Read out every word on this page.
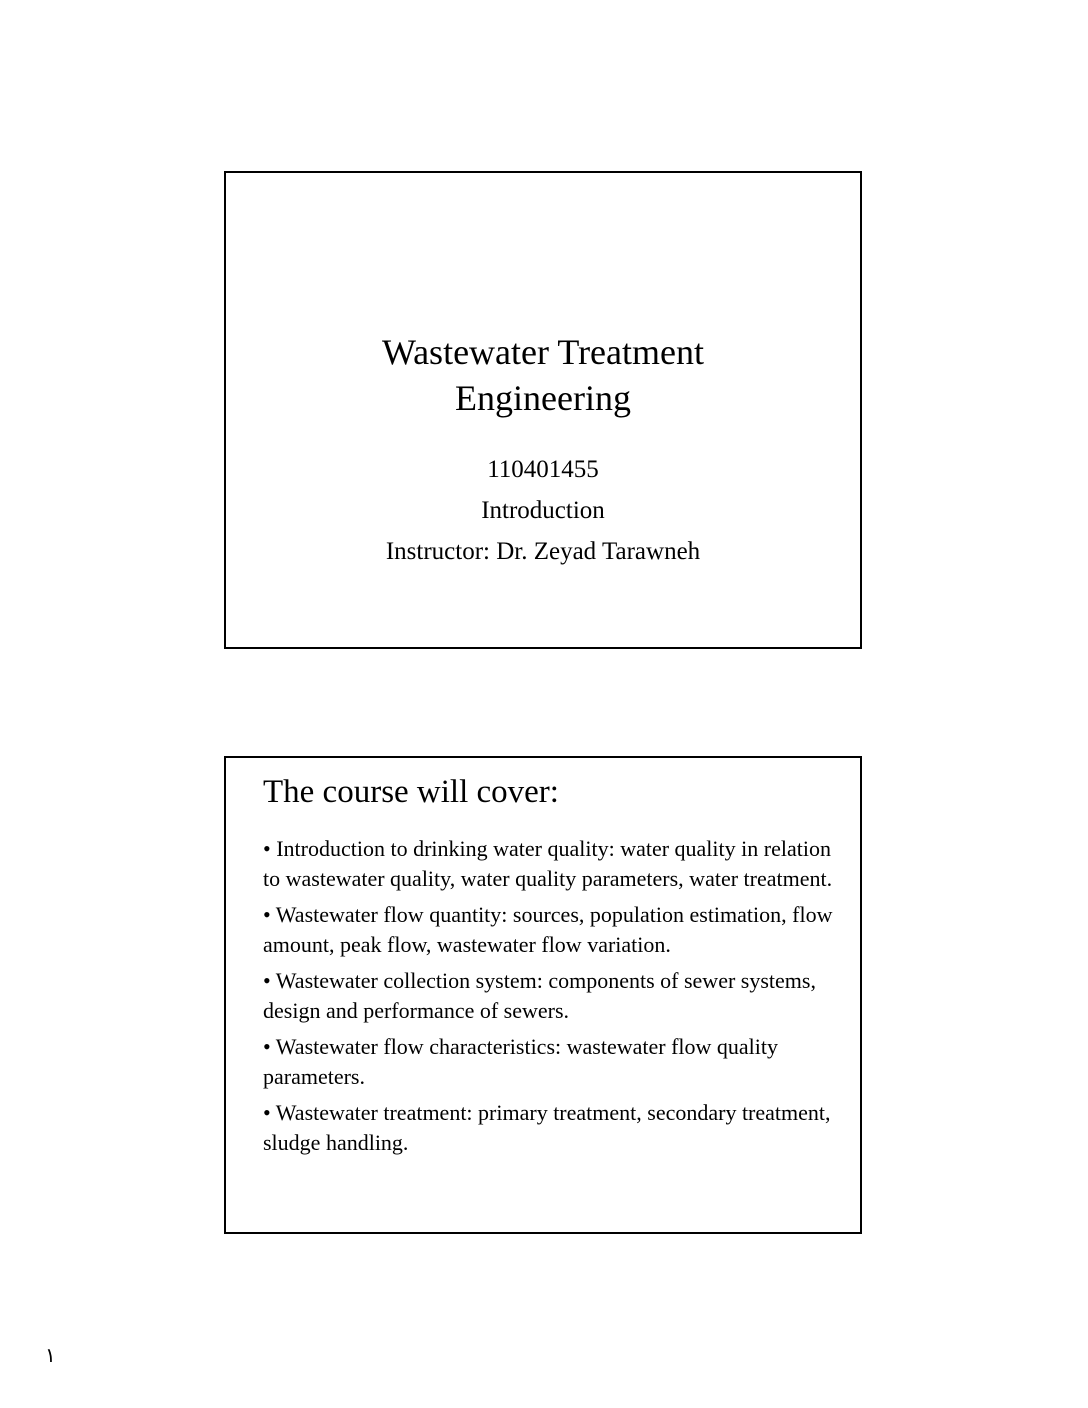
Wastewater Treatment
Engineering
110401455
Introduction
Instructor: Dr. Zeyad Tarawneh
The course will cover:
• Introduction to drinking water quality: water quality in relation to wastewater quality, water quality parameters, water treatment.
• Wastewater flow quantity: sources, population estimation, flow amount, peak flow, wastewater flow variation.
• Wastewater collection system: components of sewer systems, design and performance of sewers.
• Wastewater flow characteristics: wastewater flow quality parameters.
• Wastewater treatment: primary treatment, secondary treatment, sludge handling.
١
